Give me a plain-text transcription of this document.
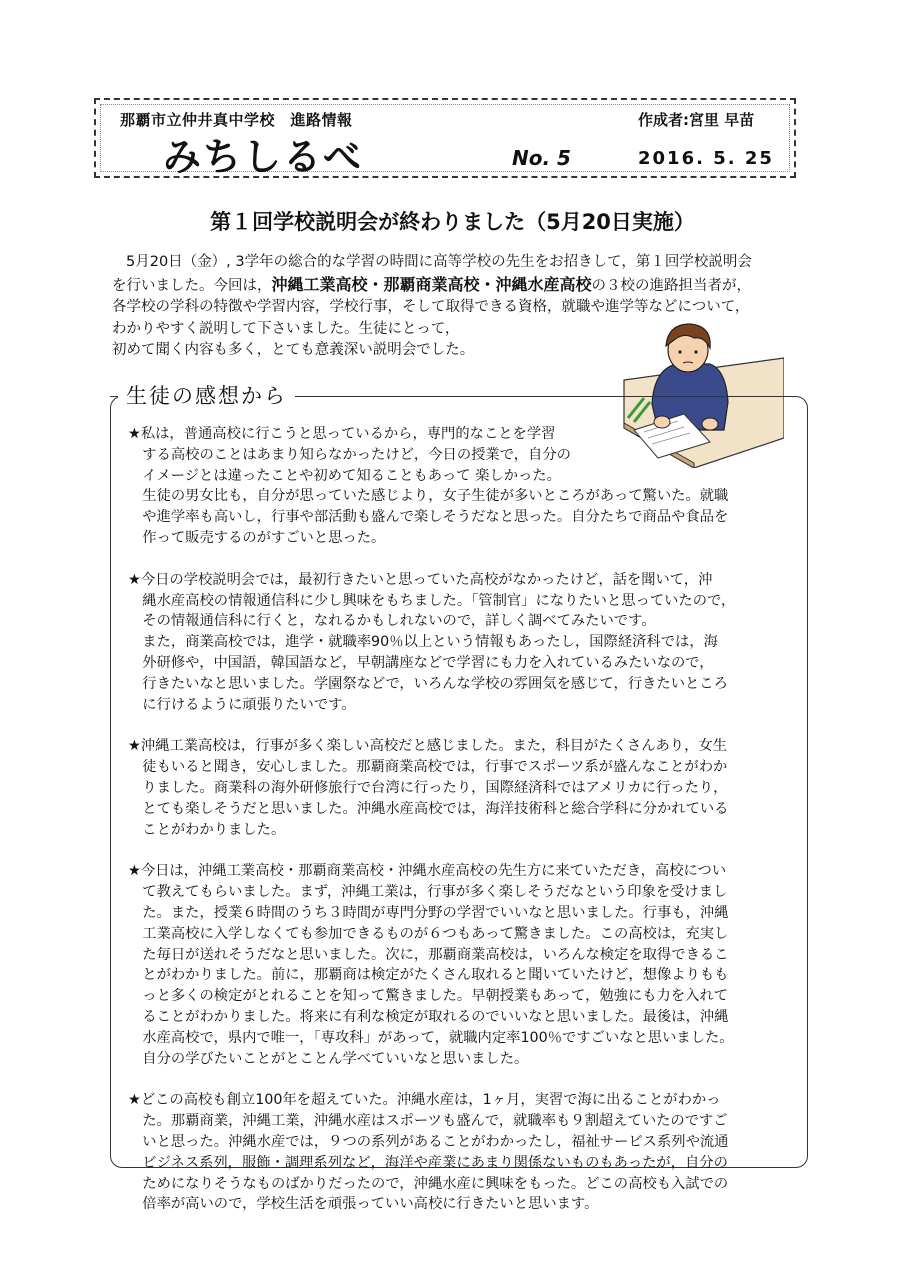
那覇市立仲井真中学校　進路情報	作成者:宮里 早苗
みちしるべ	No. 5	2016. 5. 25
第１回学校説明会が終わりました（5月20日実施）

5月20日（金）, 3学年の総合的な学習の時間に高等学校の先生をお招きして，第１回学校説明会

を行いました。今回は，沖縄工業高校・那覇商業高校・沖縄水産高校の３校の進路担当者が，

各学校の学科の特徴や学習内容，学校行事，そして取得できる資格，就職や進学等などについて，

わかりやすく説明して下さいました。生徒にとって，

初めて聞く内容も多く，とても意義深い説明会でした。

生徒の感想から

★私は，普通高校に行こうと思っているから，専門的なことを学習
　する高校のことはあまり知らなかったけど，今日の授業で，自分の
　イメージとは違ったことや初めて知ることもあって 楽しかった。
　生徒の男女比も，自分が思っていた感じより，女子生徒が多いところがあって驚いた。就職
　や進学率も高いし，行事や部活動も盛んで楽しそうだなと思った。自分たちで商品や食品を
　作って販売するのがすごいと思った。

★今日の学校説明会では，最初行きたいと思っていた高校がなかったけど，話を聞いて，沖
　縄水産高校の情報通信科に少し興味をもちました。「管制官」になりたいと思っていたので，
　その情報通信科に行くと，なれるかもしれないので，詳しく調べてみたいです。
　また，商業高校では，進学・就職率90％以上という情報もあったし，国際経済科では，海
　外研修や，中国語，韓国語など，早朝講座などで学習にも力を入れているみたいなので，
　行きたいなと思いました。学園祭などで，いろんな学校の雰囲気を感じて，行きたいところ
　に行けるように頑張りたいです。

★沖縄工業高校は，行事が多く楽しい高校だと感じました。また，科目がたくさんあり，女生
　徒もいると聞き，安心しました。那覇商業高校では，行事でスポーツ系が盛んなことがわか
　りました。商業科の海外研修旅行で台湾に行ったり，国際経済科ではアメリカに行ったり，
　とても楽しそうだと思いました。沖縄水産高校では，海洋技術科と総合学科に分かれている
　ことがわかりました。

★今日は，沖縄工業高校・那覇商業高校・沖縄水産高校の先生方に来ていただき，高校につい
　て教えてもらいました。まず，沖縄工業は，行事が多く楽しそうだなという印象を受けまし
　た。また，授業６時間のうち３時間が専門分野の学習でいいなと思いました。行事も，沖縄
　工業高校に入学しなくても参加できるものが６つもあって驚きました。この高校は，充実し
　た毎日が送れそうだなと思いました。次に，那覇商業高校は，いろんな検定を取得できるこ
　とがわかりました。前に，那覇商は検定がたくさん取れると聞いていたけど，想像よりもも
　っと多くの検定がとれることを知って驚きました。早朝授業もあって，勉強にも力を入れて
　ることがわかりました。将来に有利な検定が取れるのでいいなと思いました。最後は，沖縄
　水産高校で，県内で唯一，「専攻科」があって，就職内定率100％ですごいなと思いました。
　自分の学びたいことがとことん学べていいなと思いました。

★どこの高校も創立100年を超えていた。沖縄水産は，1ヶ月，実習で海に出ることがわかっ
　た。那覇商業，沖縄工業，沖縄水産はスポーツも盛んで，就職率も９割超えていたのですご
　いと思った。沖縄水産では，９つの系列があることがわかったし，福祉サービス系列や流通
　ビジネス系列，服飾・調理系列など，海洋や産業にあまり関係ないものもあったが，自分の
　ためになりそうなものばかりだったので，沖縄水産に興味をもった。どこの高校も入試での
　倍率が高いので，学校生活を頑張っていい高校に行きたいと思います。
